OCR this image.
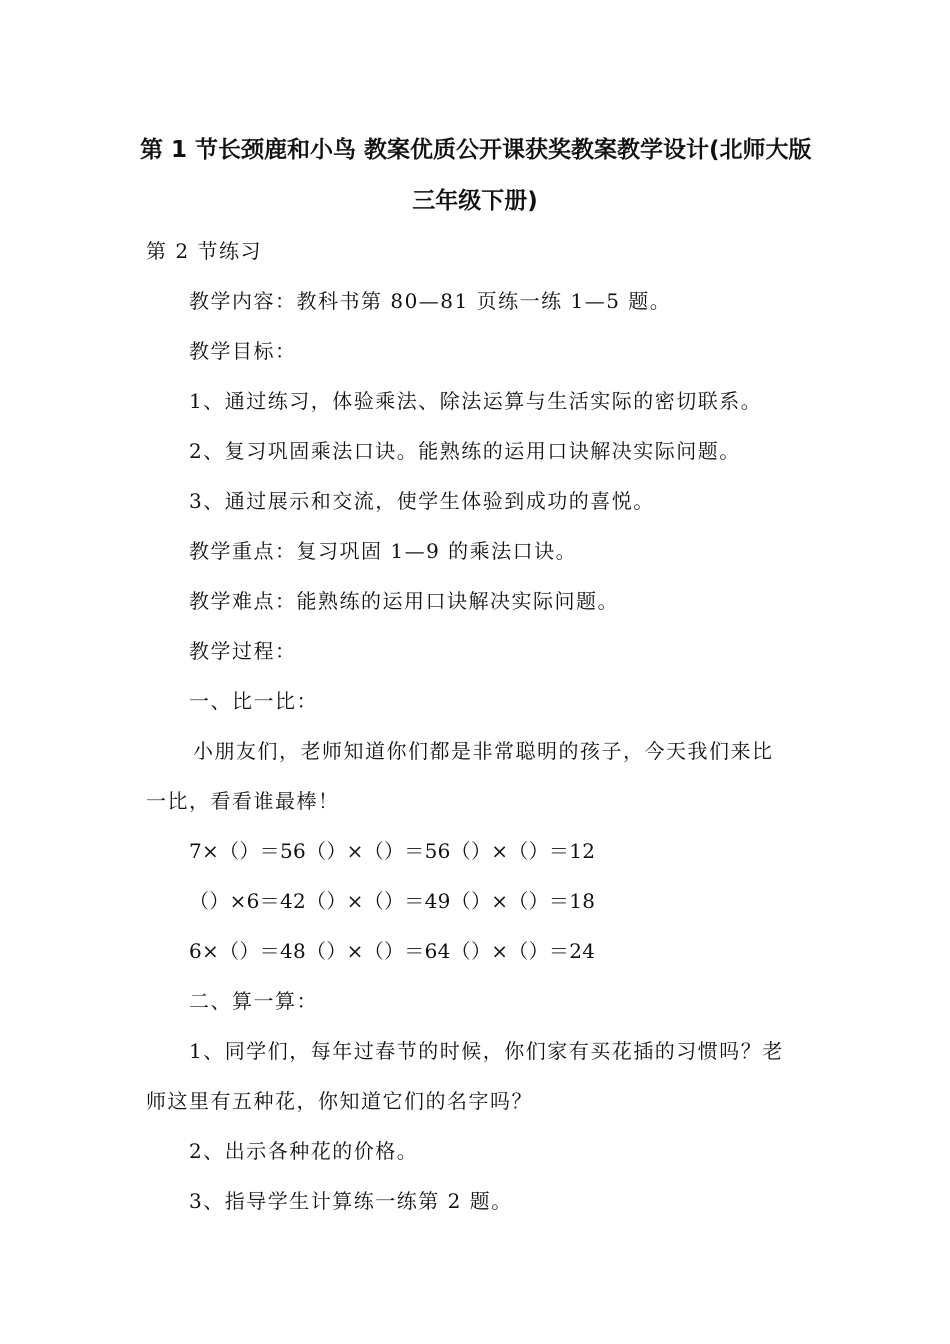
第 1 节长颈鹿和小鸟 教案优质公开课获奖教案教学设计(北师大版
三年级下册)
第 2 节练习
教学内容：教科书第 80—81 页练一练 1—5 题。
教学目标：
1、通过练习，体验乘法、除法运算与生活实际的密切联系。
2、复习巩固乘法口诀。能熟练的运用口诀解决实际问题。
3、通过展示和交流，使学生体验到成功的喜悦。
教学重点：复习巩固 1—9 的乘法口诀。
教学难点：能熟练的运用口诀解决实际问题。
教学过程：
一、比一比：
小朋友们，老师知道你们都是非常聪明的孩子，今天我们来比
一比，看看谁最棒！
7×（）＝56（）×（）＝56（）×（）＝12
（）×6＝42（）×（）＝49（）×（）＝18
6×（）＝48（）×（）＝64（）×（）＝24
二、算一算：
1、同学们，每年过春节的时候，你们家有买花插的习惯吗？老
师这里有五种花，你知道它们的名字吗？
2、出示各种花的价格。
3、指导学生计算练一练第 2 题。
